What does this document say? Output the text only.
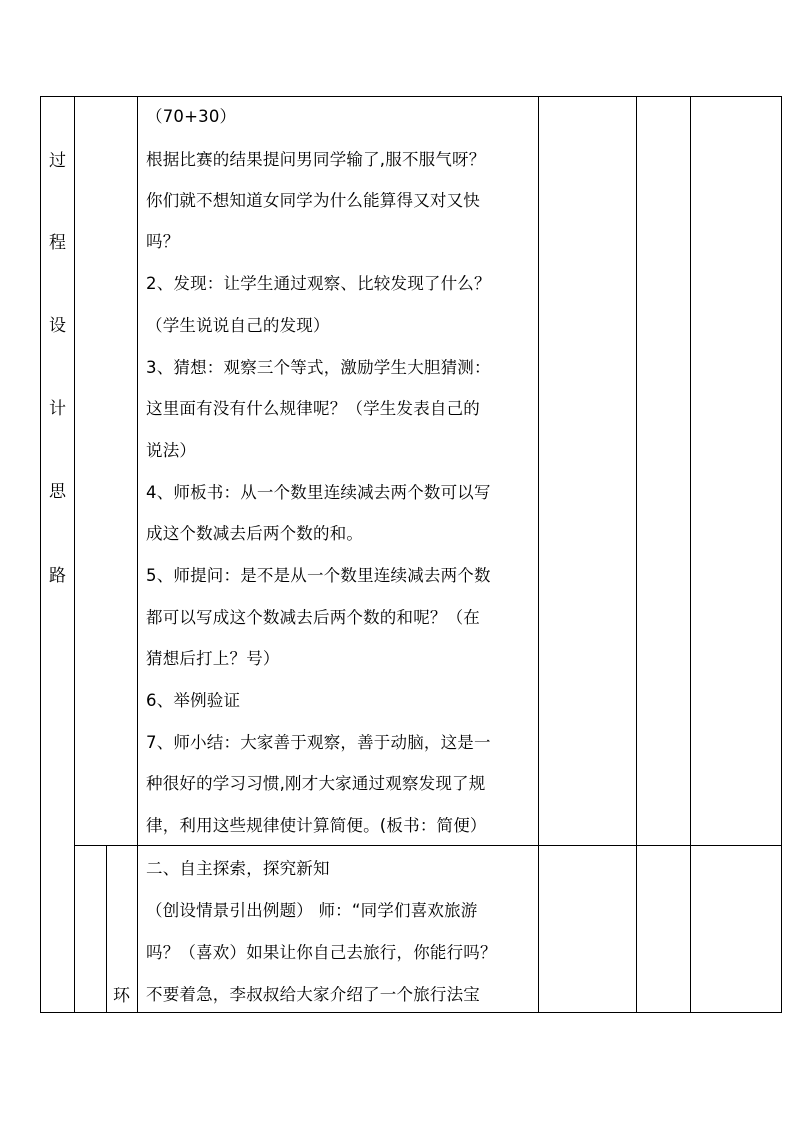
过
程
设
计
思
路
环
（70+30）
根据比赛的结果提问男同学输了,服不服气呀？
你们就不想知道女同学为什么能算得又对又快
吗？
2、发现：让学生通过观察、比较发现了什么？
（学生说说自己的发现）
3、猜想：观察三个等式，激励学生大胆猜测：
这里面有没有什么规律呢？（学生发表自己的
说法）
4、师板书：从一个数里连续减去两个数可以写
成这个数减去后两个数的和。
5、师提问：是不是从一个数里连续减去两个数
都可以写成这个数减去后两个数的和呢？（在
猜想后打上？号）
6、举例验证
7、师小结：大家善于观察，善于动脑，这是一
种很好的学习习惯,刚才大家通过观察发现了规
律，利用这些规律使计算简便。(板书：简便）
二、自主探索，探究新知
（创设情景引出例题） 师：“同学们喜欢旅游
吗？（喜欢）如果让你自己去旅行，你能行吗？
不要着急，李叔叔给大家介绍了一个旅行法宝
